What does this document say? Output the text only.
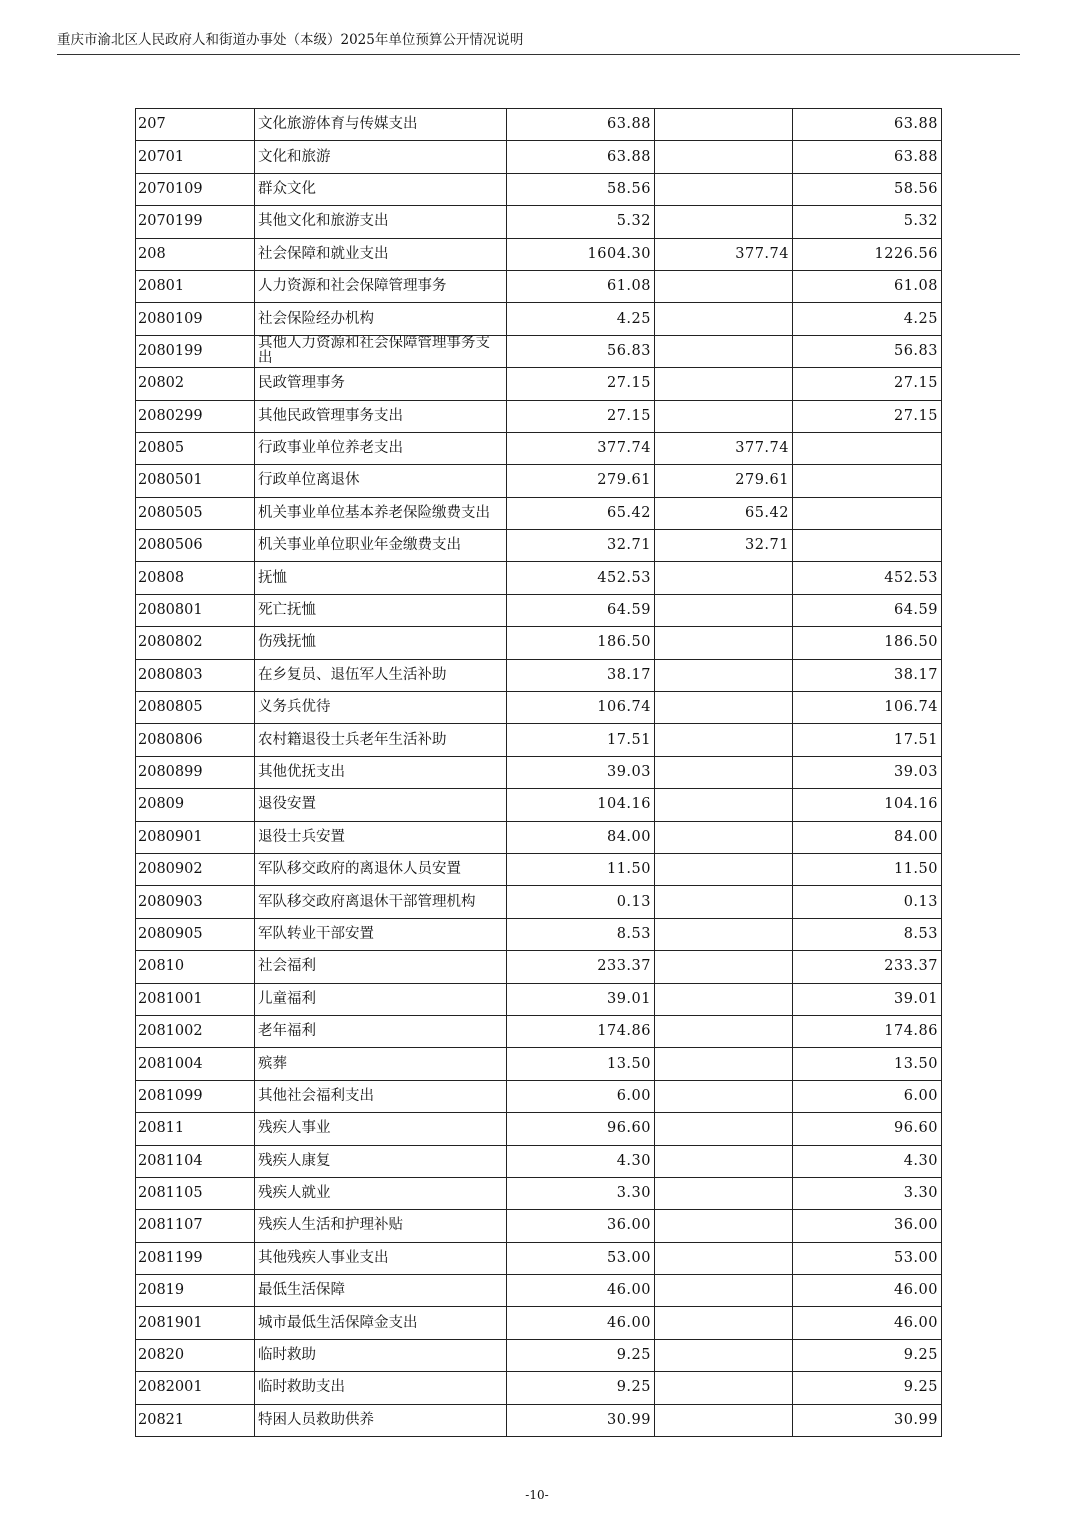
重庆市渝北区人民政府人和街道办事处（本级）2025年单位预算公开情况说明
207	文化旅游体育与传媒支出	63.88		63.88
20701	文化和旅游	63.88		63.88
2070109	群众文化	58.56		58.56
2070199	其他文化和旅游支出	5.32		5.32
208	社会保障和就业支出	1604.30	377.74	1226.56
20801	人力资源和社会保障管理事务	61.08		61.08
2080109	社会保险经办机构	4.25		4.25
2080199	其他人力资源和社会保障管理事务支出	56.83		56.83
20802	民政管理事务	27.15		27.15
2080299	其他民政管理事务支出	27.15		27.15
20805	行政事业单位养老支出	377.74	377.74	
2080501	行政单位离退休	279.61	279.61	
2080505	机关事业单位基本养老保险缴费支出	65.42	65.42	
2080506	机关事业单位职业年金缴费支出	32.71	32.71	
20808	抚恤	452.53		452.53
2080801	死亡抚恤	64.59		64.59
2080802	伤残抚恤	186.50		186.50
2080803	在乡复员、退伍军人生活补助	38.17		38.17
2080805	义务兵优待	106.74		106.74
2080806	农村籍退役士兵老年生活补助	17.51		17.51
2080899	其他优抚支出	39.03		39.03
20809	退役安置	104.16		104.16
2080901	退役士兵安置	84.00		84.00
2080902	军队移交政府的离退休人员安置	11.50		11.50
2080903	军队移交政府离退休干部管理机构	0.13		0.13
2080905	军队转业干部安置	8.53		8.53
20810	社会福利	233.37		233.37
2081001	儿童福利	39.01		39.01
2081002	老年福利	174.86		174.86
2081004	殡葬	13.50		13.50
2081099	其他社会福利支出	6.00		6.00
20811	残疾人事业	96.60		96.60
2081104	残疾人康复	4.30		4.30
2081105	残疾人就业	3.30		3.30
2081107	残疾人生活和护理补贴	36.00		36.00
2081199	其他残疾人事业支出	53.00		53.00
20819	最低生活保障	46.00		46.00
2081901	城市最低生活保障金支出	46.00		46.00
20820	临时救助	9.25		9.25
2082001	临时救助支出	9.25		9.25
20821	特困人员救助供养	30.99		30.99
-10-
